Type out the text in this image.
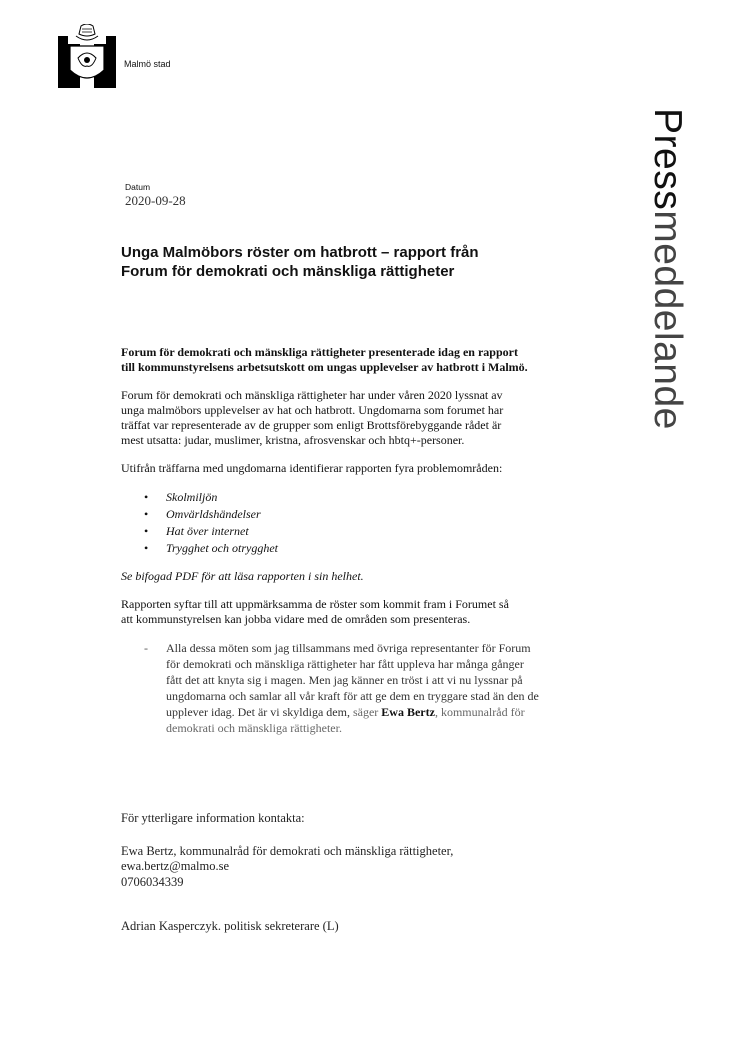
Malmö stad
Pressmeddelande
Datum
2020-09-28
Unga Malmöbors röster om hatbrott – rapport från
Forum för demokrati och mänskliga rättigheter

Forum för demokrati och mänskliga rättigheter presenterade idag en rapport
till kommunstyrelsens arbetsutskott om ungas upplevelser av hatbrott i Malmö.

Forum för demokrati och mänskliga rättigheter har under våren 2020 lyssnat av
unga malmöbors upplevelser av hat och hatbrott. Ungdomarna som forumet har
träffat var representerade av de grupper som enligt Brottsförebyggande rådet är
mest utsatta: judar, muslimer, kristna, afrosvenskar och hbtq+-personer.

Utifrån träffarna med ungdomarna identifierar rapporten fyra problemområden:

• Skolmiljön
• Omvärldshändelser
• Hat över internet
• Trygghet och otrygghet

Se bifogad PDF för att läsa rapporten i sin helhet.

Rapporten syftar till att uppmärksamma de röster som kommit fram i Forumet så
att kommunstyrelsen kan jobba vidare med de områden som presenteras.

- Alla dessa möten som jag tillsammans med övriga representanter för Forum
för demokrati och mänskliga rättigheter har fått uppleva har många gånger
fått det att knyta sig i magen. Men jag känner en tröst i att vi nu lyssnar på
ungdomarna och samlar all vår kraft för att ge dem en tryggare stad än den de
upplever idag. Det är vi skyldiga dem, säger Ewa Bertz, kommunalråd för
demokrati och mänskliga rättigheter.
För ytterligare information kontakta:
Ewa Bertz, kommunalråd för demokrati och mänskliga rättigheter,
ewa.bertz@malmo.se
0706034339
Adrian Kasperczyk. politisk sekreterare (L)
